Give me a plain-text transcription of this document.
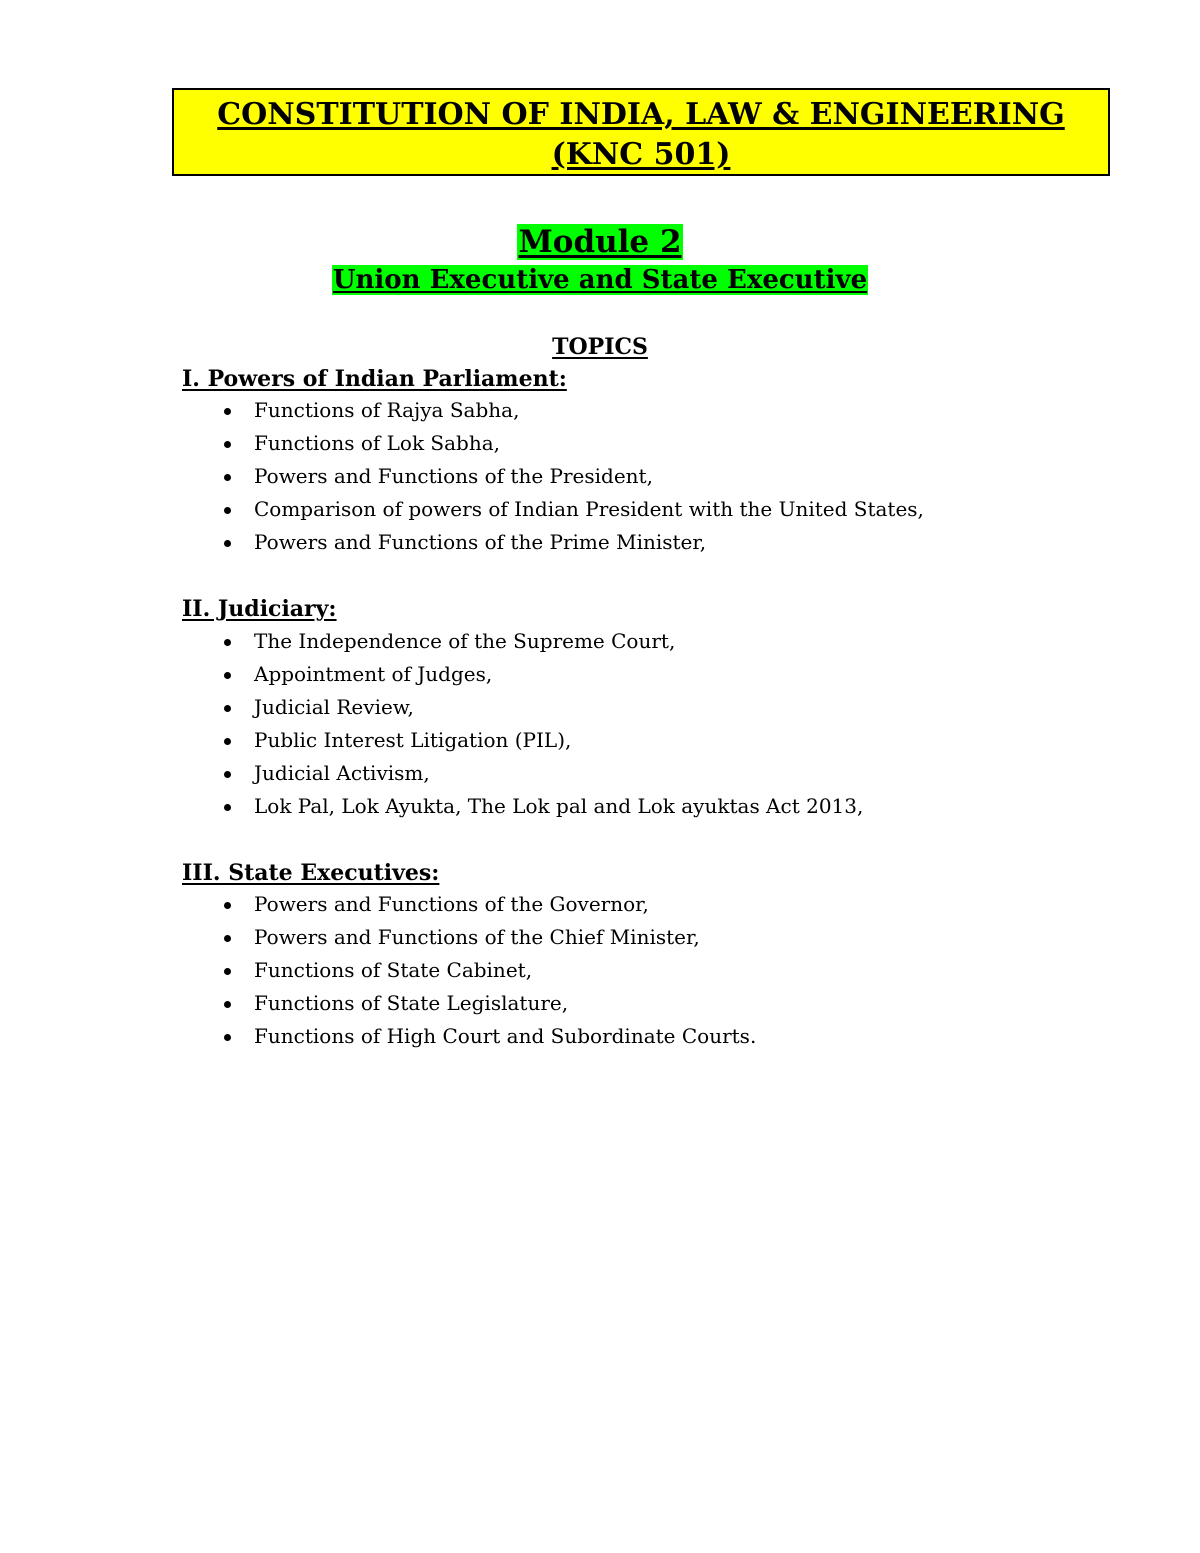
CONSTITUTION OF INDIA, LAW & ENGINEERING
(KNC 501)
Module 2
Union Executive and State Executive
TOPICS
I. Powers of Indian Parliament:
Functions of Rajya Sabha,
Functions of Lok Sabha,
Powers and Functions of the President,
Comparison of powers of Indian President with the United States,
Powers and Functions of the Prime Minister,
II. Judiciary:
The Independence of the Supreme Court,
Appointment of Judges,
Judicial Review,
Public Interest Litigation (PIL),
Judicial Activism,
Lok Pal, Lok Ayukta, The Lok pal and Lok ayuktas Act 2013,
III. State Executives:
Powers and Functions of the Governor,
Powers and Functions of the Chief Minister,
Functions of State Cabinet,
Functions of State Legislature,
Functions of High Court and Subordinate Courts.
